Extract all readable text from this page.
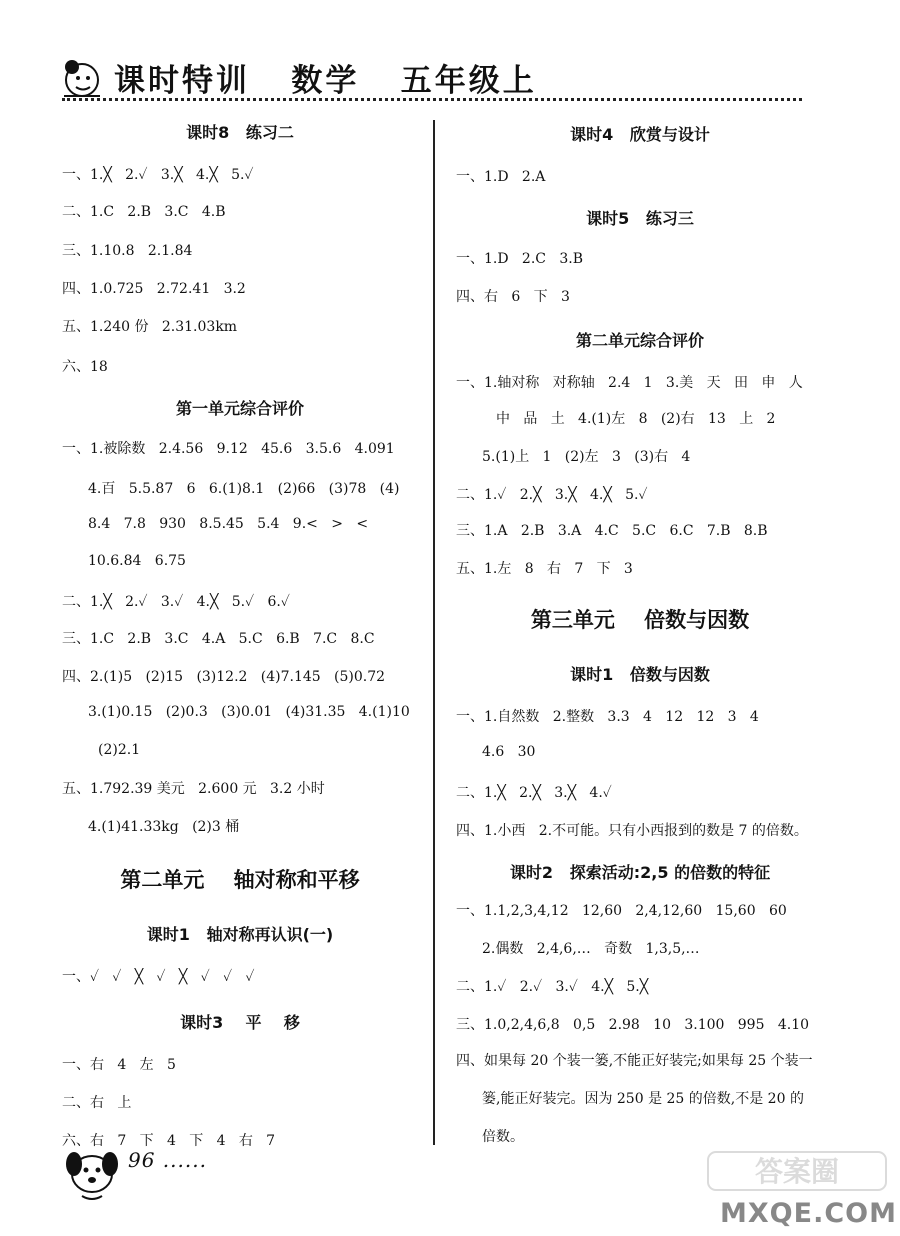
课时特训   数学   五年级上
课时8   练习二
一、1.╳   2.✓   3.╳   4.╳   5.✓
二、1.C   2.B   3.C   4.B
三、1.10.8   2.1.84
四、1.0.725   2.72.41   3.2
五、1.240 份   2.31.03km
六、18
第一单元综合评价
一、1.被除数   2.4.56   9.12   45.6   3.5.6   4.091
4.百   5.5.87   6   6.(1)8.1   (2)66   (3)78   (4)
8.4   7.8   930   8.5.4̇5̇   5.4   9.<   >   <
10.6.84   6.75
二、1.╳   2.✓   3.✓   4.╳   5.✓   6.✓
三、1.C   2.B   3.C   4.A   5.C   6.B   7.C   8.C
四、2.(1)5   (2)15   (3)12.2   (4)7.14̇5̇   (5)0.72
3.(1)0.15   (2)0.3   (3)0.01   (4)31.35   4.(1)10
(2)2.1
五、1.792.39 美元   2.600 元   3.2 小时
4.(1)41.33kg   (2)3 桶
第二单元    轴对称和平移
课时1   轴对称再认识(一)
一、✓   ✓   ╳   ✓   ╳   ✓   ✓   ✓
课时3    平    移
一、右   4   左   5
二、右   上
六、右   7   下   4   下   4   右   7
课时4   欣赏与设计
一、1.D   2.A
课时5   练习三
一、1.D   2.C   3.B
四、右   6   下   3
第二单元综合评价
一、1.轴对称   对称轴   2.4   1   3.美   天   田   申   人
中   品   土   4.(1)左   8   (2)右   13   上   2
5.(1)上   1   (2)左   3   (3)右   4
二、1.✓   2.╳   3.╳   4.╳   5.✓
三、1.A   2.B   3.A   4.C   5.C   6.C   7.B   8.B
五、1.左   8   右   7   下   3
第三单元    倍数与因数
课时1   倍数与因数
一、1.自然数   2.整数   3.3   4   12   12   3   4
4.6   30
二、1.╳   2.╳   3.╳   4.✓
四、1.小西   2.不可能。只有小西报到的数是 7 的倍数。
课时2   探索活动:2,5 的倍数的特征
一、1.1,2,3,4,12   12,60   2,4,12,60   15,60   60
2.偶数   2,4,6,…   奇数   1,3,5,…
二、1.✓   2.✓   3.✓   4.╳   5.╳
三、1.0,2,4,6,8   0,5   2.98   10   3.100   995   4.10
四、如果每 20 个装一篓,不能正好装完;如果每 25 个装一
篓,能正好装完。因为 250 是 25 的倍数,不是 20 的
倍数。
96 ......	答案圈
MXQE.COM
